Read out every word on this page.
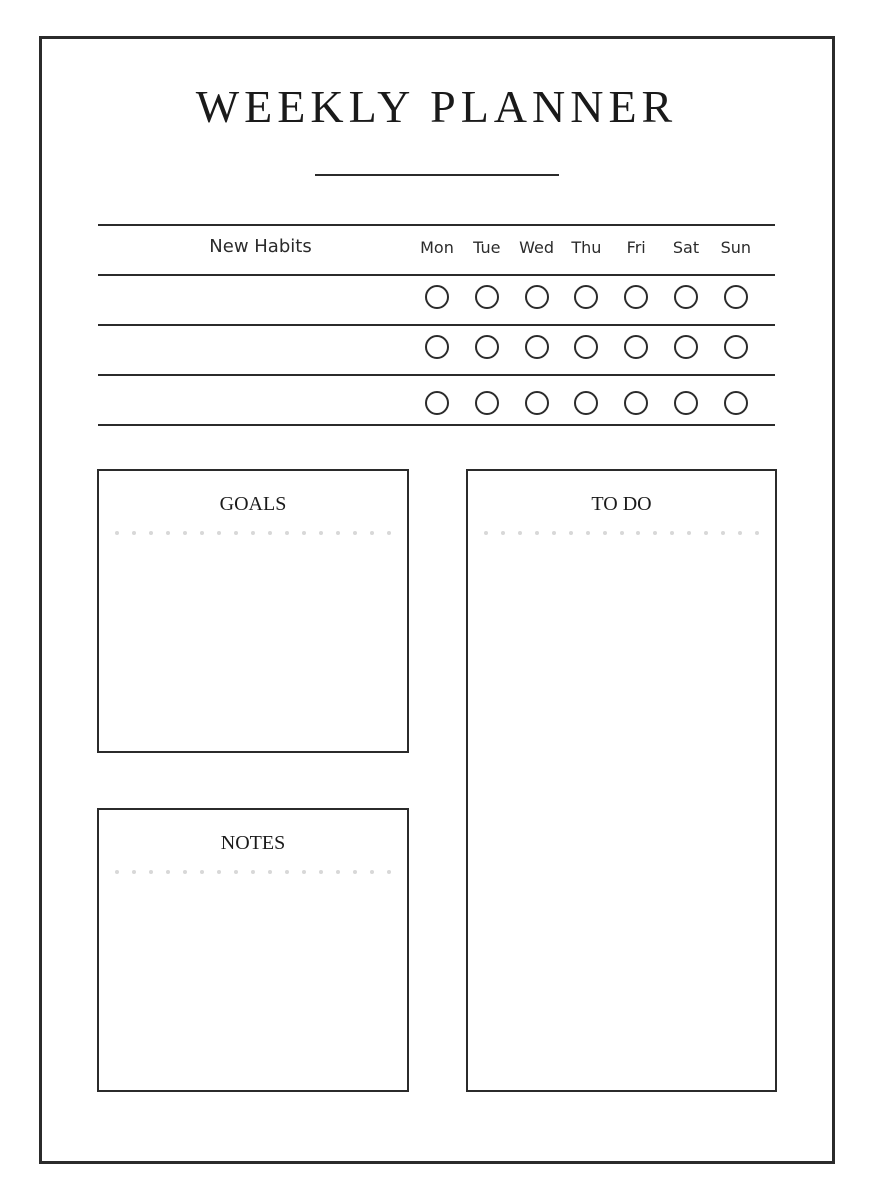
WEEKLY PLANNER
New Habits	Mon	Tue	Wed	Thu	Fri	Sat	Sun
GOALS	TO DO
NOTES
